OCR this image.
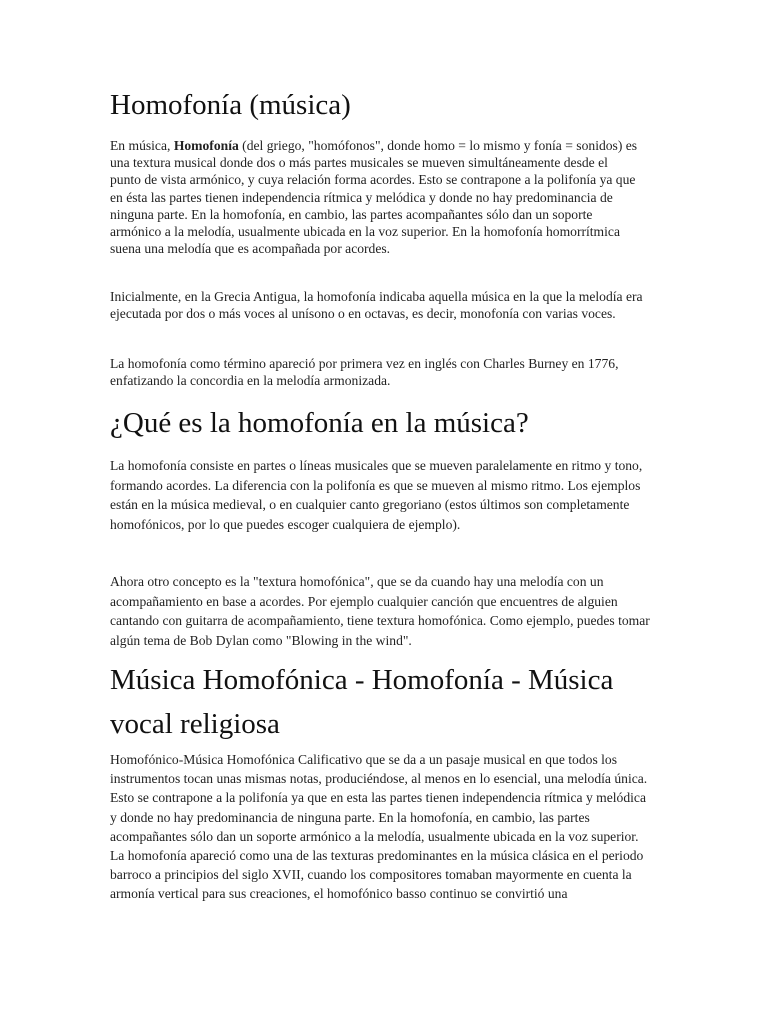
Homofonía (música)

En música, Homofonía (del griego, "homófonos", donde homo = lo mismo y fonía = sonidos) es una textura musical donde dos o más partes musicales se mueven simultáneamente desde el punto de vista armónico, y cuya relación forma acordes. Esto se contrapone a la polifonía ya que en ésta las partes tienen independencia rítmica y melódica y donde no hay predominancia de ninguna parte. En la homofonía, en cambio, las partes acompañantes sólo dan un soporte armónico a la melodía, usualmente ubicada en la voz superior. En la homofonía homorrítmica suena una melodía que es acompañada por acordes.

Inicialmente, en la Grecia Antigua, la homofonía indicaba aquella música en la que la melodía era ejecutada por dos o más voces al unísono o en octavas, es decir, monofonía con varias voces.

La homofonía como término apareció por primera vez en inglés con Charles Burney en 1776, enfatizando la concordia en la melodía armonizada.

¿Qué es la homofonía en la música?

La homofonía consiste en partes o líneas musicales que se mueven paralelamente en ritmo y tono, formando acordes. La diferencia con la polifonía es que se mueven al mismo ritmo. Los ejemplos están en la música medieval, o en cualquier canto gregoriano (estos últimos son completamente homofónicos, por lo que puedes escoger cualquiera de ejemplo).

Ahora otro concepto es la "textura homofónica", que se da cuando hay una melodía con un acompañamiento en base a acordes. Por ejemplo cualquier canción que encuentres de alguien cantando con guitarra de acompañamiento, tiene textura homofónica. Como ejemplo, puedes tomar algún tema de Bob Dylan como "Blowing in the wind".

Música Homofónica - Homofonía - Música vocal religiosa

Homofónico-Música Homofónica Calificativo que se da a un pasaje musical en que todos los instrumentos tocan unas mismas notas, produciéndose, al menos en lo esencial, una melodía única. Esto se contrapone a la polifonía ya que en esta las partes tienen independencia rítmica y melódica y donde no hay predominancia de ninguna parte. En la homofonía, en cambio, las partes acompañantes sólo dan un soporte armónico a la melodía, usualmente ubicada en la voz superior. La homofonía apareció como una de las texturas predominantes en la música clásica en el periodo barroco a principios del siglo XVII, cuando los compositores tomaban mayormente en cuenta la armonía vertical para sus creaciones, el homofónico basso continuo se convirtió una
